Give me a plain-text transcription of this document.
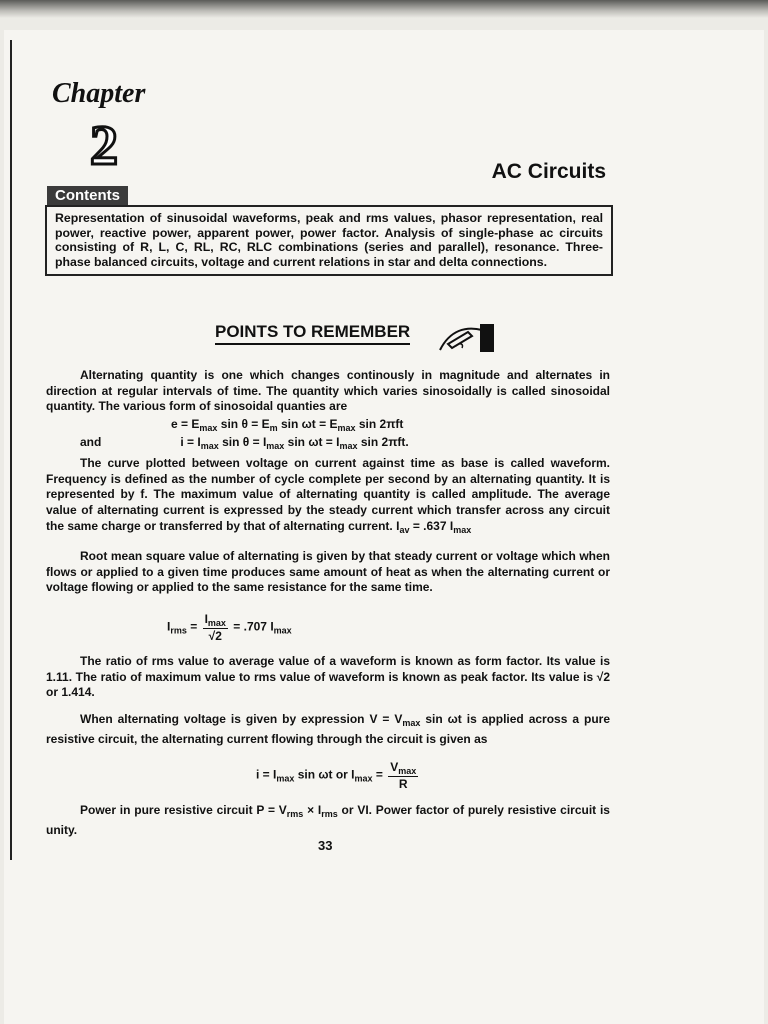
Chapter
2	AC Circuits
Contents
Representation of sinusoidal waveforms, peak and rms values, phasor representation, real power, reactive power, apparent power, power factor. Analysis of single-phase ac circuits consisting of R, L, C, RL, RC, RLC combinations (series and parallel), resonance. Three-phase balanced circuits, voltage and current relations in star and delta connections.
POINTS TO REMEMBER
Alternating quantity is one which changes continously in magnitude and alternates in direction at regular intervals of time. The quantity which varies sinosoidally is called sinosoidal quantity. The various form of sinosoidal quanties are
$e = E_{max}$ $\sin \theta = E_m$ $\sin \omega t = E_{max}$ sin 2πft
and	$i = I_{max}$ $\sin \theta = I_{max}$ $\sin \omega t = I_{max}$ sin 2πft.
The curve plotted between voltage on current against time as base is called waveform. Frequency is defined as the number of cycle complete per second by an alternating quantity. It is represented by f. The maximum value of alternating quantity is called amplitude. The average value of alternating current is expressed by the steady current which transfer across any circuit the same charge or transferred by that of alternating current. $I_{av} = .637$ $I_{max}$
Root mean square value of alternating is given by that steady current or voltage which when flows or applied to a given time produces same amount of heat as when the alternating current or voltage flowing or applied to the same resistance for the same time.
$I_{rms} = \frac{I_{max}}{√2} = .707$ $I_{max}$
The ratio of rms value to average value of a waveform is known as form factor. Its value is 1.11. The ratio of maximum value to rms value of waveform is known as peak factor. Its value is √2 or 1.414.
When alternating voltage is given by expression $V = V_{max}$ sin ωt is applied across a pure resistive circuit, the alternating current flowing through the circuit is given as
$i = I_{max}$ sin ωt or $I_{max} = \frac{V_{max}}{R}$
Power in pure resistive circuit $P = V_{rms} \times I_{rms}$ or VI. Power factor of purely resistive circuit is unity.
33
